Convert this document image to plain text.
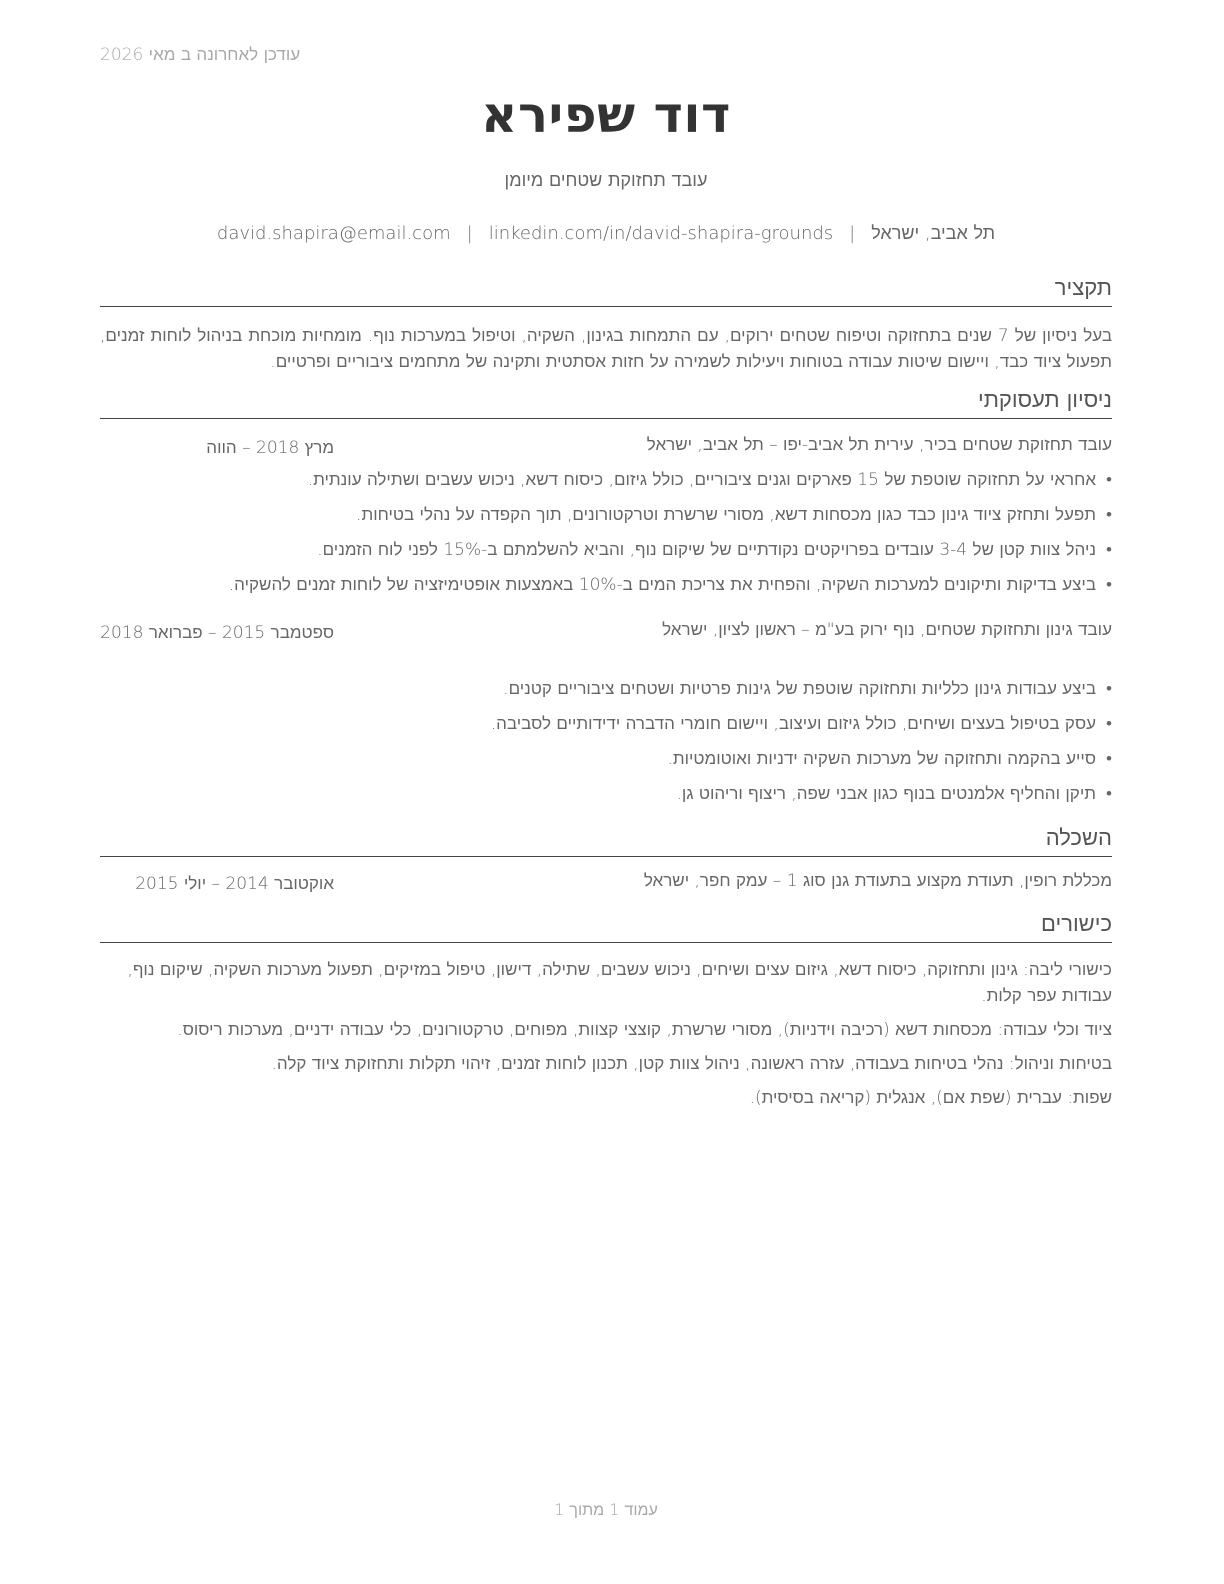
עודכן לאחרונה ב מאי 2026
דוד שפירא
עובד תחזוקת שטחים מיומן
תל אביב, ישראל|david.shapira@email.com | linkedin.com/in/david-shapira-grounds
תקציר

בעל ניסיון של 7 שנים בתחזוקה וטיפוח שטחים ירוקים, עם התמחות בגינון, השקיה, וטיפול במערכות נוף. מומחיות מוכחת בניהול לוחות זמנים, תפעול ציוד כבד, ויישום שיטות עבודה בטוחות ויעילות לשמירה על חזות אסתטית ותקינה של מתחמים ציבוריים ופרטיים.

ניסיון תעסוקתי
עובד תחזוקת שטחים בכיר, עירית תל אביב-יפו – תל אביב, ישראל
מרץ 2018 – הווה
• אחראי על תחזוקה שוטפת של 15 פארקים וגנים ציבוריים, כולל גיזום, כיסוח דשא, ניכוש עשבים ושתילה עונתית.
• תפעל ותחזק ציוד גינון כבד כגון מכסחות דשא, מסורי שרשרת וטרקטורונים, תוך הקפדה על נהלי בטיחות.
• ניהל צוות קטן של 3-4 עובדים בפרויקטים נקודתיים של שיקום נוף, והביא להשלמתם ב-15% לפני לוח הזמנים.
• ביצע בדיקות ותיקונים למערכות השקיה, והפחית את צריכת המים ב-10% באמצעות אופטימיזציה של לוחות זמנים להשקיה.
עובד גינון ותחזוקת שטחים, נוף ירוק בע"מ – ראשון לציון, ישראל
ספטמבר 2015 – פברואר 2018
• ביצע עבודות גינון כלליות ותחזוקה שוטפת של גינות פרטיות ושטחים ציבוריים קטנים.
• עסק בטיפול בעצים ושיחים, כולל גיזום ועיצוב, ויישום חומרי הדברה ידידותיים לסביבה.
• סייע בהקמה ותחזוקה של מערכות השקיה ידניות ואוטומטיות.
• תיקן והחליף אלמנטים בנוף כגון אבני שפה, ריצוף וריהוט גן.
השכלה
מכללת רופין, תעודת מקצוע בתעודת גנן סוג 1 – עמק חפר, ישראל
אוקטובר 2014 – יולי 2015
כישורים

כישורי ליבה: גינון ותחזוקה, כיסוח דשא, גיזום עצים ושיחים, ניכוש עשבים, שתילה, דישון, טיפול במזיקים, תפעול מערכות השקיה, שיקום נוף, עבודות עפר קלות.

ציוד וכלי עבודה: מכסחות דשא (רכיבה וידניות), מסורי שרשרת, קוצצי קצוות, מפוחים, טרקטורונים, כלי עבודה ידניים, מערכות ריסוס.

בטיחות וניהול: נהלי בטיחות בעבודה, עזרה ראשונה, ניהול צוות קטן, תכנון לוחות זמנים, זיהוי תקלות ותחזוקת ציוד קלה.

שפות: עברית (שפת אם), אנגלית (קריאה בסיסית).

עמוד 1 מתוך 1
